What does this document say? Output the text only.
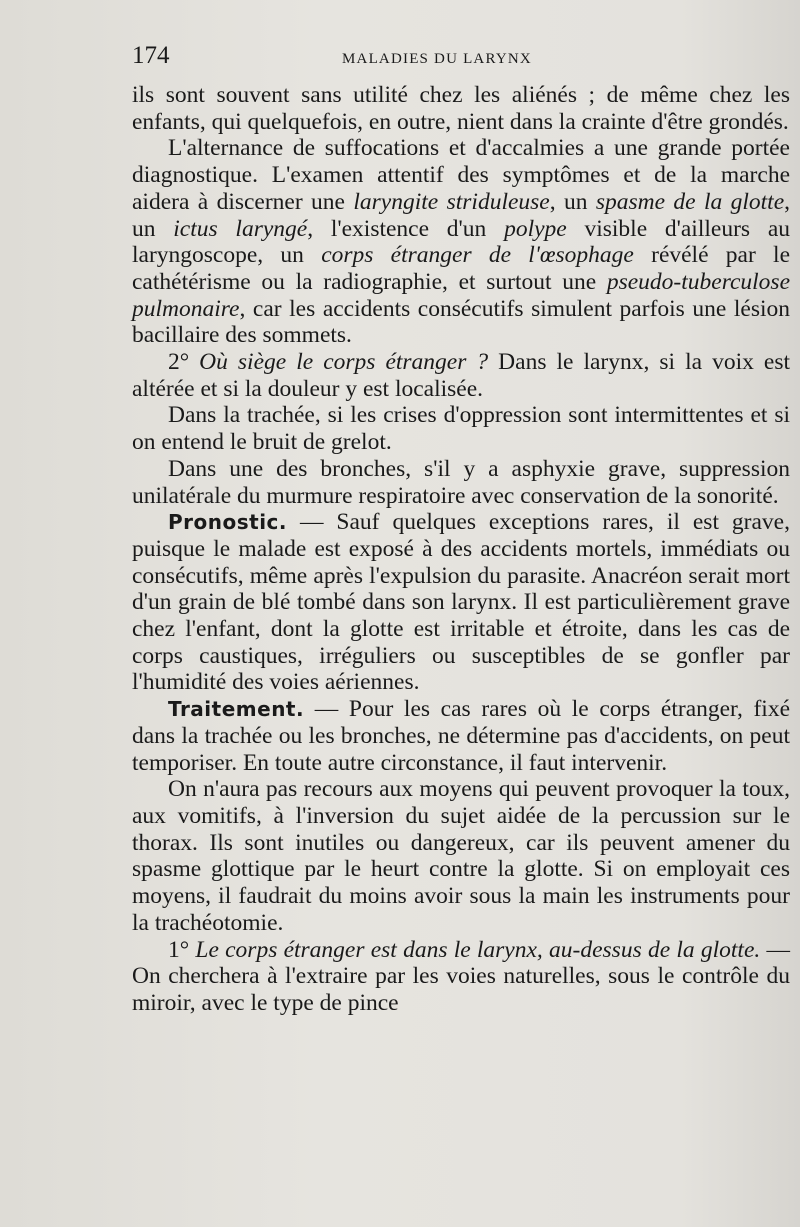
174	MALADIES DU LARYNX

ils sont souvent sans utilité chez les aliénés ; de même chez les enfants, qui quelquefois, en outre, nient dans la crainte d'être grondés.

L'alternance de suffocations et d'accalmies a une grande portée diagnostique. L'examen attentif des symptômes et de la marche aidera à discerner une laryngite striduleuse, un spasme de la glotte, un ictus laryngé, l'existence d'un polype visible d'ailleurs au laryngoscope, un corps étranger de l'œsophage révélé par le cathétérisme ou la radiographie, et surtout une pseudo-tuberculose pulmonaire, car les accidents consécutifs simulent parfois une lésion bacillaire des sommets.

2° Où siège le corps étranger ? Dans le larynx, si la voix est altérée et si la douleur y est localisée.

Dans la trachée, si les crises d'oppression sont intermittentes et si on entend le bruit de grelot.

Dans une des bronches, s'il y a asphyxie grave, suppression unilatérale du murmure respiratoire avec conservation de la sonorité.

Pronostic. — Sauf quelques exceptions rares, il est grave, puisque le malade est exposé à des accidents mortels, immédiats ou consécutifs, même après l'expulsion du parasite. Anacréon serait mort d'un grain de blé tombé dans son larynx. Il est particulièrement grave chez l'enfant, dont la glotte est irritable et étroite, dans les cas de corps caustiques, irréguliers ou susceptibles de se gonfler par l'humidité des voies aériennes.

Traitement. — Pour les cas rares où le corps étranger, fixé dans la trachée ou les bronches, ne détermine pas d'accidents, on peut temporiser. En toute autre circonstance, il faut intervenir.

On n'aura pas recours aux moyens qui peuvent provoquer la toux, aux vomitifs, à l'inversion du sujet aidée de la percussion sur le thorax. Ils sont inutiles ou dangereux, car ils peuvent amener du spasme glottique par le heurt contre la glotte. Si on employait ces moyens, il faudrait du moins avoir sous la main les instruments pour la trachéotomie.

1° Le corps étranger est dans le larynx, au-dessus de la glotte. — On cherchera à l'extraire par les voies naturelles, sous le contrôle du miroir, avec le type de pince
